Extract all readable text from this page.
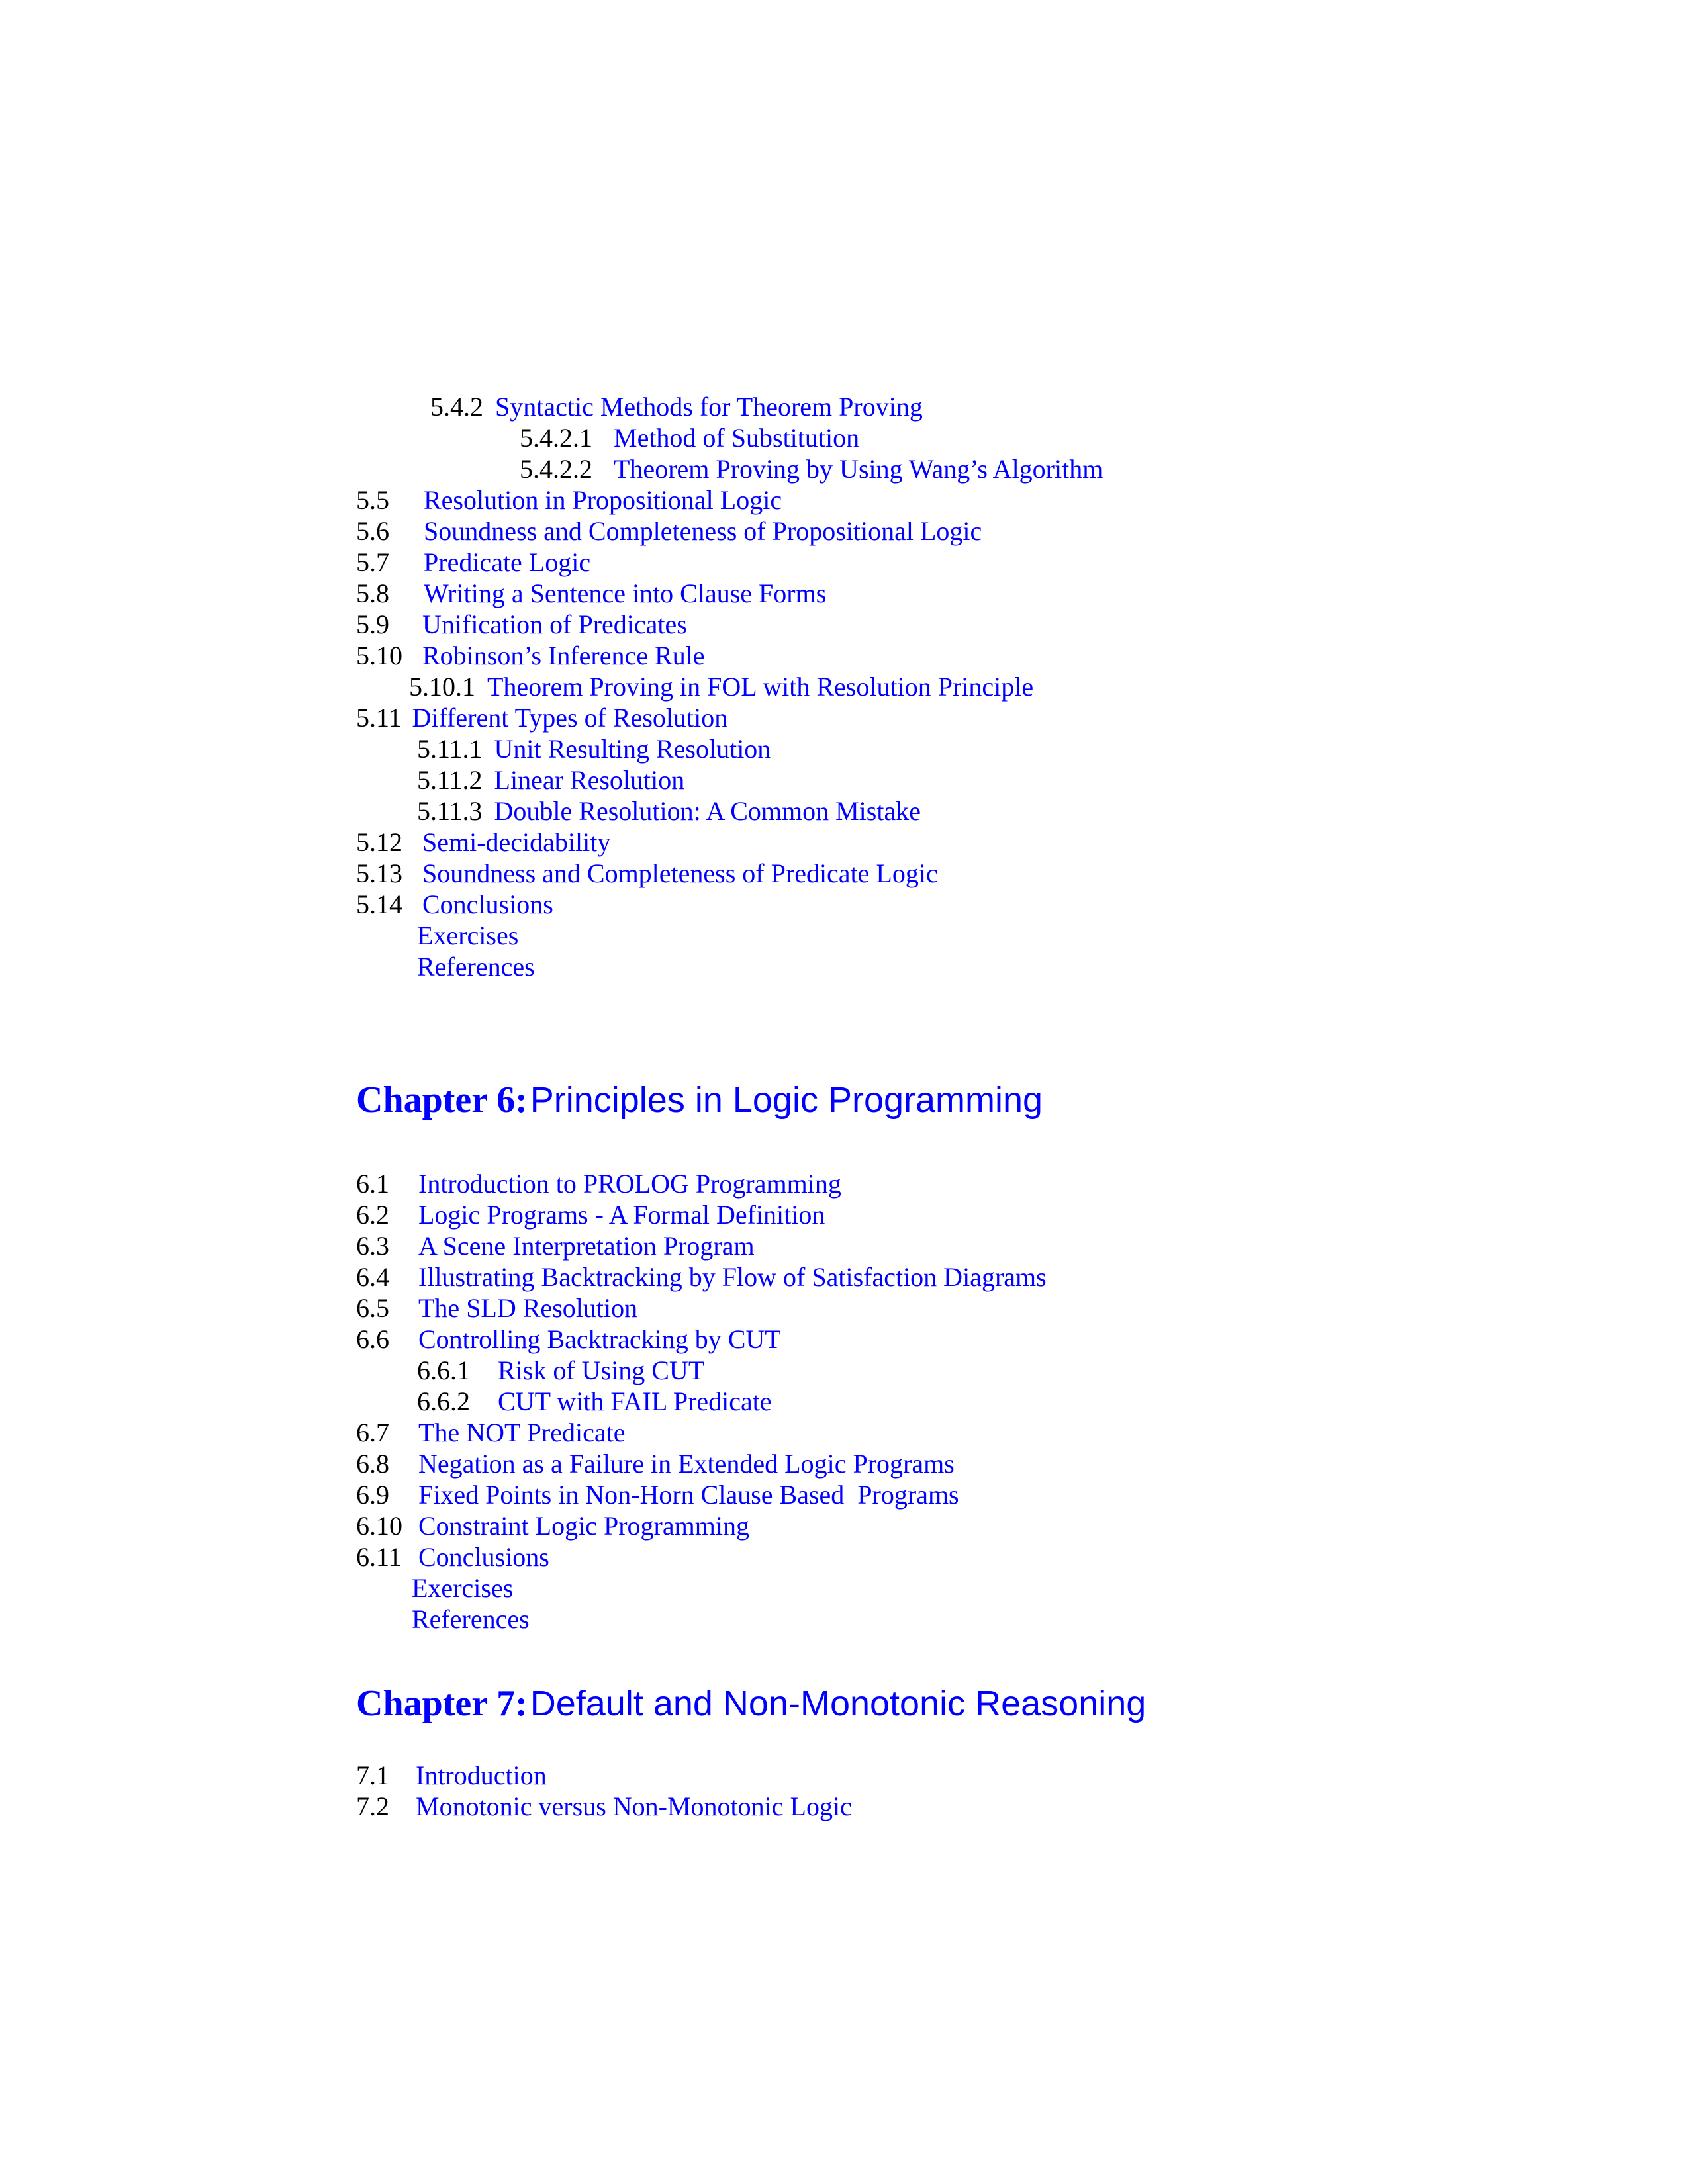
5.4.2 Syntactic Methods for Theorem Proving
5.4.2.1 Method of Substitution
5.4.2.2 Theorem Proving by Using Wang’s Algorithm
5.5 Resolution in Propositional Logic
5.6 Soundness and Completeness of Propositional Logic
5.7 Predicate Logic
5.8 Writing a Sentence into Clause Forms
5.9 Unification of Predicates
5.10 Robinson’s Inference Rule
5.10.1 Theorem Proving in FOL with Resolution Principle
5.11 Different Types of Resolution
5.11.1 Unit Resulting Resolution
5.11.2 Linear Resolution
5.11.3 Double Resolution: A Common Mistake
5.12 Semi-decidability
5.13 Soundness and Completeness of Predicate Logic
5.14 Conclusions
Exercises
References
Chapter 6: Principles in Logic Programming
6.1 Introduction to PROLOG Programming
6.2 Logic Programs - A Formal Definition
6.3 A Scene Interpretation Program
6.4 Illustrating Backtracking by Flow of Satisfaction Diagrams
6.5 The SLD Resolution
6.6 Controlling Backtracking by CUT
6.6.1 Risk of Using CUT
6.6.2 CUT with FAIL Predicate
6.7 The NOT Predicate
6.8 Negation as a Failure in Extended Logic Programs
6.9 Fixed Points in Non-Horn Clause Based  Programs
6.10 Constraint Logic Programming
6.11 Conclusions
Exercises
References
Chapter 7: Default and Non-Monotonic Reasoning
7.1 Introduction
7.2 Monotonic versus Non-Monotonic Logic
